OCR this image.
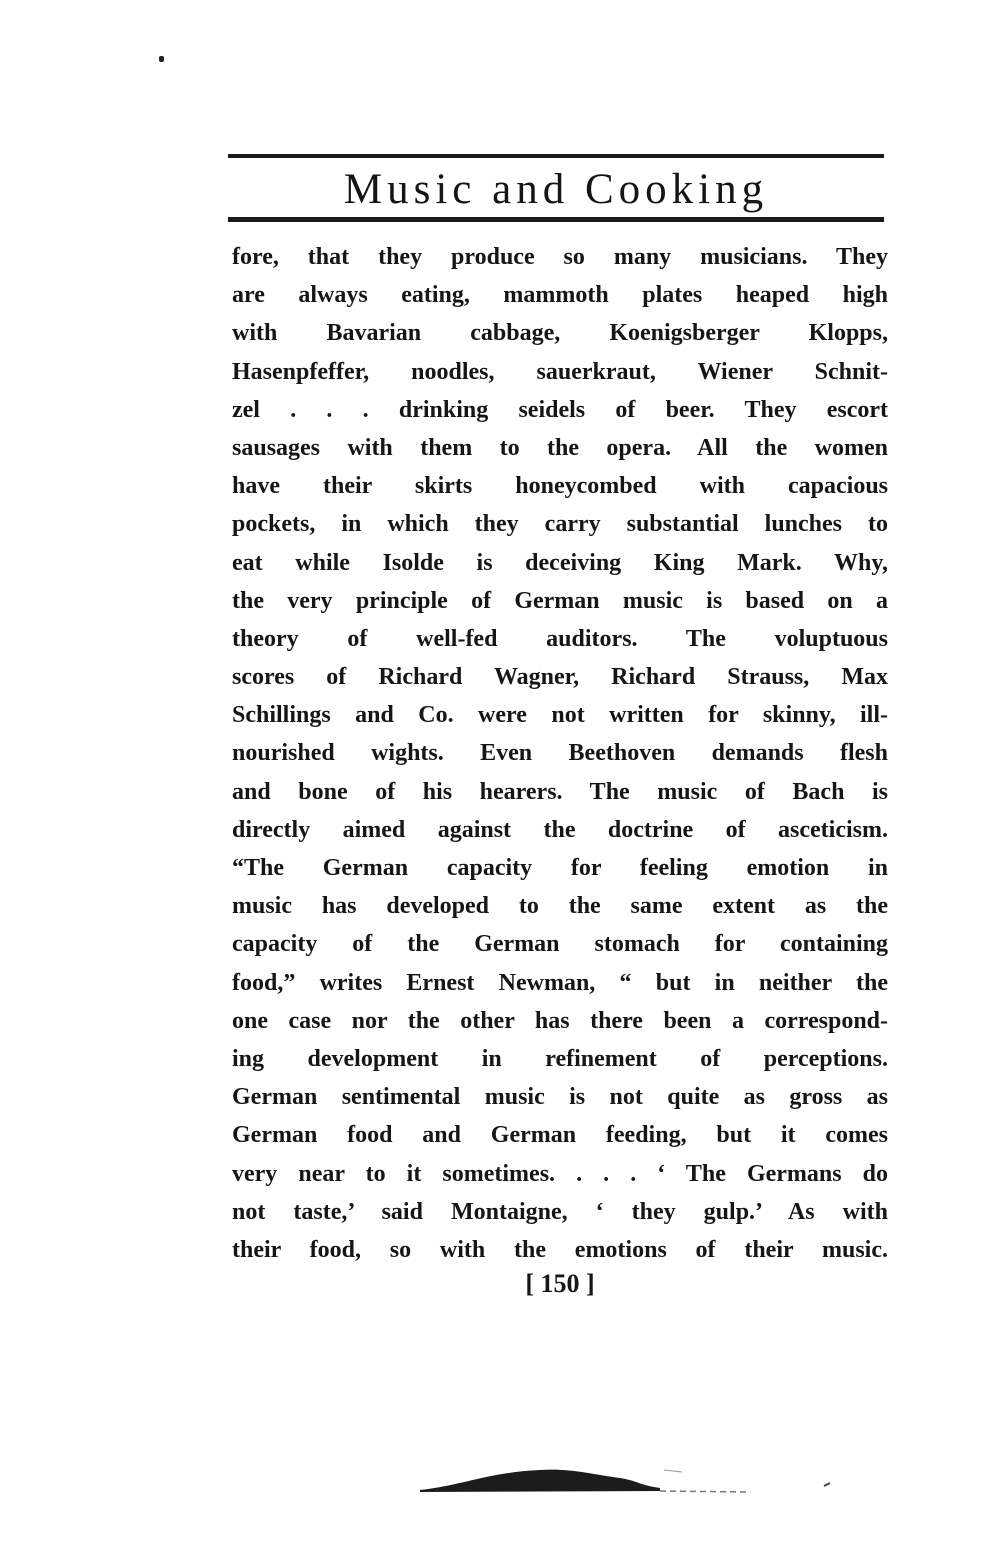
Music and Cooking
fore, that they produce so many musicians. They
are always eating, mammoth plates heaped high
with Bavarian cabbage, Koenigsberger Klopps,
Hasenpfeffer, noodles, sauerkraut, Wiener Schnit-
zel . . . drinking seidels of beer. They escort
sausages with them to the opera. All the women
have their skirts honeycombed with capacious
pockets, in which they carry substantial lunches to
eat while Isolde is deceiving King Mark. Why,
the very principle of German music is based on a
theory of well-fed auditors. The voluptuous
scores of Richard Wagner, Richard Strauss, Max
Schillings and Co. were not written for skinny, ill-
nourished wights. Even Beethoven demands flesh
and bone of his hearers. The music of Bach is
directly aimed against the doctrine of asceticism.
“The German capacity for feeling emotion in
music has developed to the same extent as the
capacity of the German stomach for containing
food,” writes Ernest Newman, “ but in neither the
one case nor the other has there been a correspond-
ing development in refinement of perceptions.
German sentimental music is not quite as gross as
German food and German feeding, but it comes
very near to it sometimes. . . . ‘ The Germans do
not taste,’ said Montaigne, ‘ they gulp.’ As with
their food, so with the emotions of their music.
[ 150 ]
